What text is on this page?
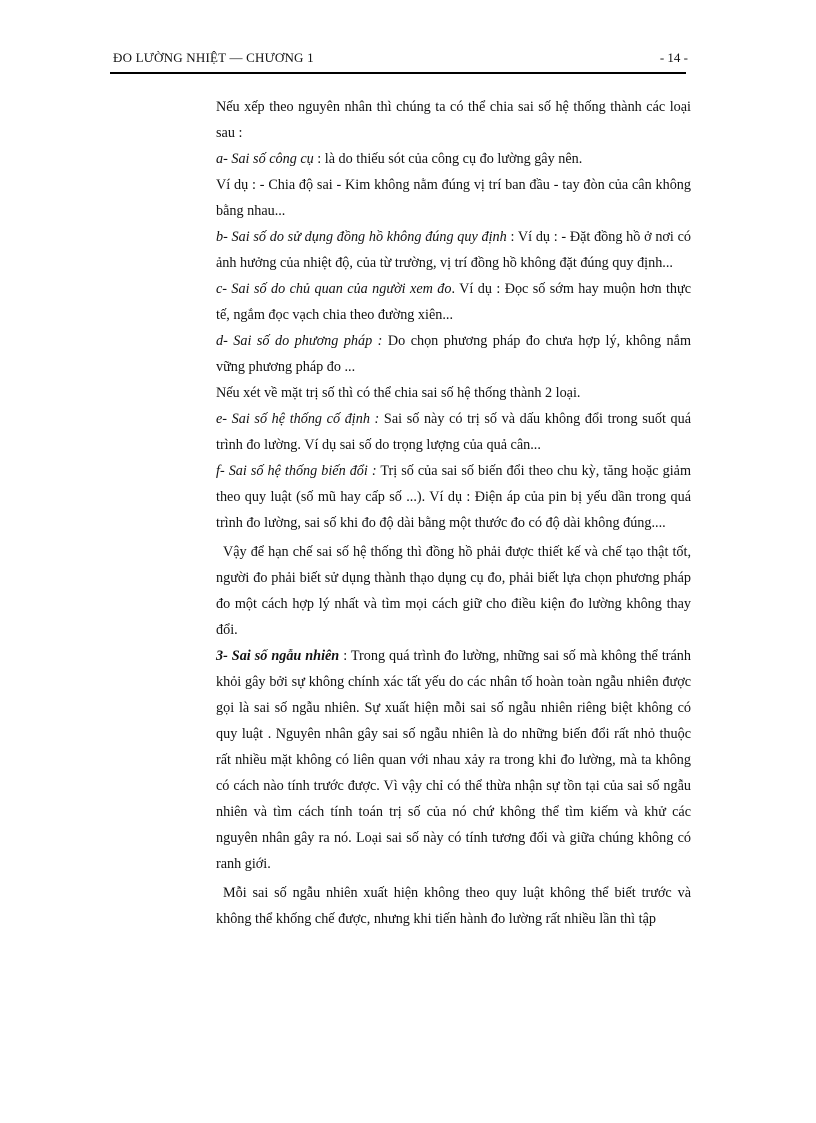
ĐO LƯỜNG NHIỆT — CHƯƠNG 1	- 14 -

Nếu xếp theo nguyên nhân thì chúng ta có thể chia sai số hệ thống thành các loại sau :

a- Sai số công cụ : là do thiếu sót của công cụ đo lường gây nên.

Ví dụ : - Chia độ sai - Kim không nằm đúng vị trí ban đầu - tay đòn của cân không bằng nhau...

b- Sai số do sử dụng đồng hồ không đúng quy định : Ví dụ : - Đặt đồng hồ ở nơi có ảnh hưởng của nhiệt độ, của từ trường, vị trí đồng hồ không đặt đúng quy định...

c- Sai số do chủ quan của người xem đo. Ví dụ : Đọc số sớm hay muộn hơn thực tế, ngắm đọc vạch chia theo đường xiên...

d- Sai số do phương pháp : Do chọn phương pháp đo chưa hợp lý, không nắm vững phương pháp đo ...

Nếu xét về mặt trị số thì có thể chia sai số hệ thống thành 2 loại.

e- Sai số hệ thống cố định : Sai số này có trị số và dấu không đổi trong suốt quá trình đo lường. Ví dụ sai số do trọng lượng của quả cân...

f- Sai số hệ thống biến đổi : Trị số của sai số biến đổi theo chu kỳ, tăng hoặc giảm theo quy luật (số mũ hay cấp số ...). Ví dụ : Điện áp của pin bị yếu dần trong quá trình đo lường, sai số khi đo độ dài bằng một thước đo có độ dài không đúng....

Vậy để hạn chế sai số hệ thống thì đồng hồ phải được thiết kế và chế tạo thật tốt, người đo phải biết sử dụng thành thạo dụng cụ đo, phải biết lựa chọn phương pháp đo một cách hợp lý nhất và tìm mọi cách giữ cho điều kiện đo lường không thay đổi.

3- Sai số ngẫu nhiên : Trong quá trình đo lường, những sai số mà không thể tránh khỏi gây bởi sự không chính xác tất yếu do các nhân tố hoàn toàn ngẫu nhiên được gọi là sai số ngẫu nhiên. Sự xuất hiện mỗi sai số ngẫu nhiên riêng biệt không có quy luật . Nguyên nhân gây sai số ngẫu nhiên là do những biến đổi rất nhỏ thuộc rất nhiều mặt không có liên quan với nhau xảy ra trong khi đo lường, mà ta không có cách nào tính trước được. Vì vậy chỉ có thể thừa nhận sự tồn tại của sai số ngẫu nhiên và tìm cách tính toán trị số của nó chứ không thể tìm kiếm và khử các nguyên nhân gây ra nó. Loại sai số này có tính tương đối và giữa chúng không có ranh giới.

Mỗi sai số ngẫu nhiên xuất hiện không theo quy luật không thể biết trước và không thể khống chế được, nhưng khi tiến hành đo lường rất nhiều lần thì tập
